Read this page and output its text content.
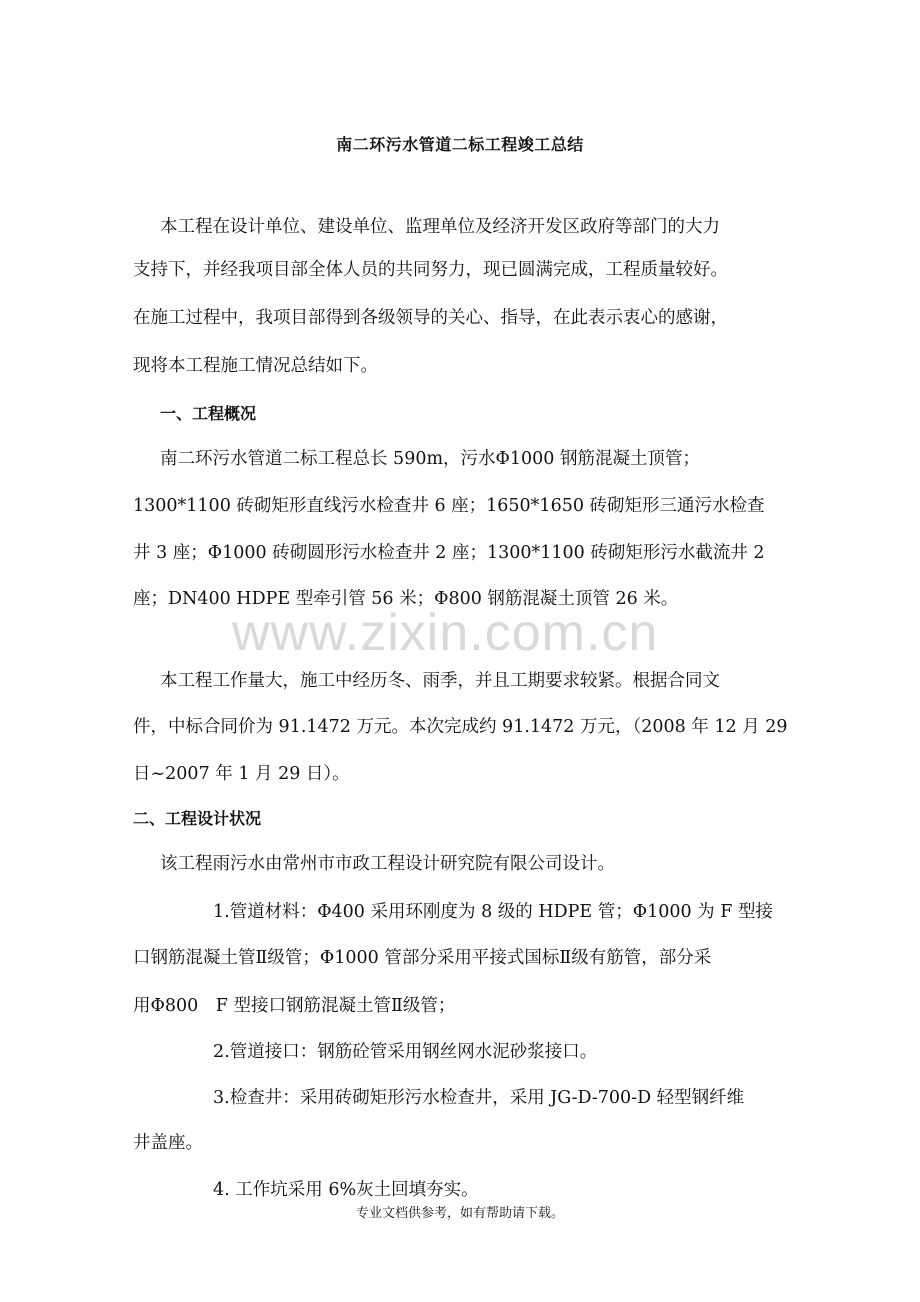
南二环污水管道二标工程竣工总结
本工程在设计单位、建设单位、监理单位及经济开发区政府等部门的大力
支持下，并经我项目部全体人员的共同努力，现已圆满完成，工程质量较好。
在施工过程中，我项目部得到各级领导的关心、指导，在此表示衷心的感谢，
现将本工程施工情况总结如下。
一、工程概况
南二环污水管道二标工程总长 590m，污水Φ1000 钢筋混凝土顶管；
1300*1100 砖砌矩形直线污水检查井 6 座；1650*1650 砖砌矩形三通污水检查
井 3 座；Φ1000 砖砌圆形污水检查井 2 座；1300*1100 砖砌矩形污水截流井 2
座；DN400 HDPE 型牵引管 56 米；Φ800 钢筋混凝土顶管 26 米。
www.zixin.com.cn
本工程工作量大，施工中经历冬、雨季，并且工期要求较紧。根据合同文
件，中标合同价为 91.1472 万元。本次完成约 91.1472 万元，（2008 年 12 月 29
日~2007 年 1 月 29 日）。
二、工程设计状况
该工程雨污水由常州市市政工程设计研究院有限公司设计。
1.管道材料：Φ400 采用环刚度为 8 级的 HDPE 管；Φ1000 为 F 型接
口钢筋混凝土管Ⅱ级管；Φ1000 管部分采用平接式国标Ⅱ级有筋管，部分采
用Φ800　F 型接口钢筋混凝土管Ⅱ级管；
2.管道接口：钢筋砼管采用钢丝网水泥砂浆接口。
3.检查井：采用砖砌矩形污水检查井，采用 JG-D-700-D 轻型钢纤维
井盖座。
4. 工作坑采用 6%灰土回填夯实。
专业文档供参考，如有帮助请下载。
